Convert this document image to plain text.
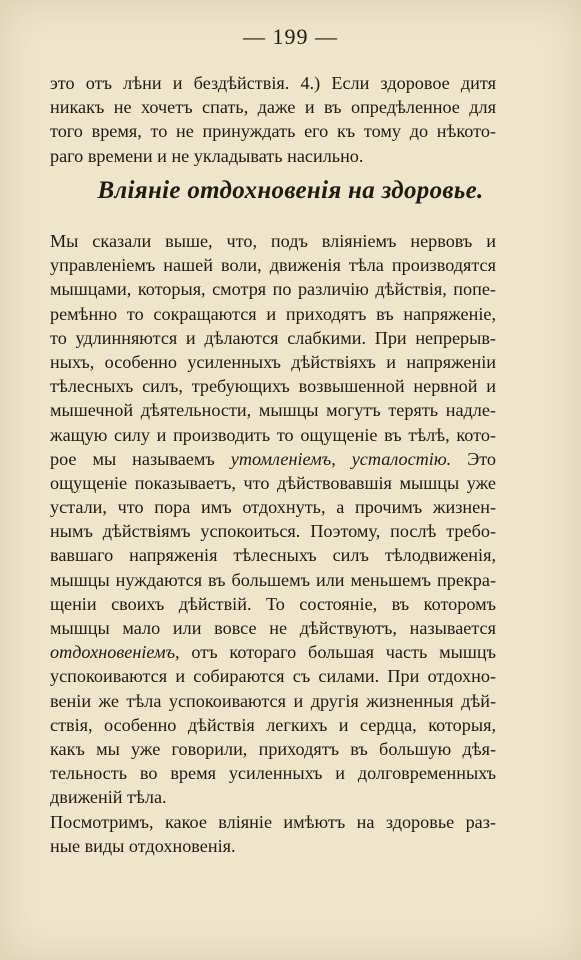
— 199 —
это отъ лѣни и бездѣйствія. 4.) Если здоровое дитя
никакъ не хочетъ спать, даже и въ опредѣленное для
того время, то не принуждать его къ тому до нѣкото-
раго времени и не укладывать насильно.
Вліяніе отдохновенія на здоровье.
Мы сказали выше, что, подъ вліяніемъ нервовъ и
управленіемъ нашей воли, движенія тѣла производятся
мышцами, которыя, смотря по различію дѣйствія, попе-
ремѣнно то сокращаются и приходятъ въ напряженіе,
то удлинняются и дѣлаются слабкими. При непрерыв-
ныхъ, особенно усиленныхъ дѣйствіяхъ и напряженіи
тѣлесныхъ силъ, требующихъ возвышенной нервной и
мышечной дѣятельности, мышцы могутъ терять надле-
жащую силу и производить то ощущеніе въ тѣлѣ, кото-
рое мы называемъ утомленіемъ, усталостію. Это
ощущеніе показываетъ, что дѣйствовавшія мышцы уже
устали, что пора имъ отдохнуть, а прочимъ жизнен-
нымъ дѣйствіямъ успокоиться. Поэтому, послѣ требо-
вавшаго напряженія тѣлесныхъ силъ тѣлодвиженія,
мышцы нуждаются въ большемъ или меньшемъ прекра-
щеніи своихъ дѣйствій. То состояніе, въ которомъ
мышцы мало или вовсе не дѣйствуютъ, называется
отдохновеніемъ, отъ котораго большая часть мышцъ
успокоиваются и собираются съ силами. При отдохно-
веніи же тѣла успокоиваются и другія жизненныя дѣй-
ствія, особенно дѣйствія легкихъ и сердца, которыя,
какъ мы уже говорили, приходятъ въ большую дѣя-
тельность во время усиленныхъ и долговременныхъ
движеній тѣла.
Посмотримъ, какое вліяніе имѣютъ на здоровье раз-
ные виды отдохновенія.
